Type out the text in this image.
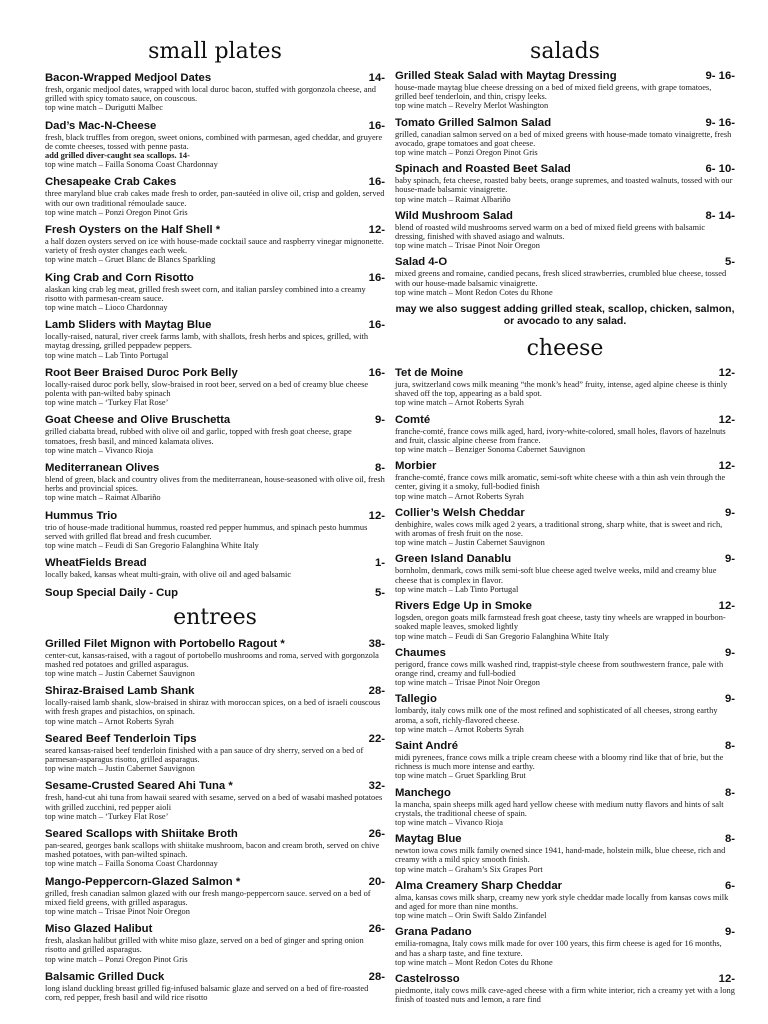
small plates
Bacon-Wrapped Medjool Dates	14-
fresh, organic medjool dates, wrapped with local duroc bacon, stuffed with gorgonzola cheese, and grilled with spicy tomato sauce, on couscous.
top wine match – Durigutti Malbec
Dad’s Mac-N-Cheese	16-
fresh, black truffles from oregon, sweet onions, combined with parmesan, aged cheddar, and gruyere de comte cheeses, tossed with penne pasta.
add grilled diver-caught sea scallops. 14-
top wine match – Failla Sonoma Coast Chardonnay
Chesapeake Crab Cakes	16-
three maryland blue crab cakes made fresh to order, pan-sautéed in olive oil, crisp and golden, served with our own traditional rémoulade sauce.
top wine match – Ponzi Oregon Pinot Gris
Fresh Oysters on the Half Shell *	12-
a half dozen oysters served on ice with house-made cocktail sauce and raspberry vinegar mignonette. variety of fresh oyster changes each week.
top wine match – Gruet Blanc de Blancs Sparkling
King Crab and Corn Risotto	16-
alaskan king crab leg meat, grilled fresh sweet corn, and italian parsley combined into a creamy risotto with parmesan-cream sauce.
top wine match – Lioco Chardonnay
Lamb Sliders with Maytag Blue	16-
locally-raised, natural, river creek farms lamb, with shallots, fresh herbs and spices, grilled, with maytag dressing, grilled peppadew peppers.
top wine match – Lab Tinto Portugal
Root Beer Braised Duroc Pork Belly	16-
locally-raised duroc pork belly, slow-braised in root beer, served on a bed of creamy blue cheese polenta with pan-wilted baby spinach
top wine match – ‘Turkey Flat Rose’
Goat Cheese and Olive Bruschetta	9-
grilled ciabatta bread, rubbed with olive oil and garlic, topped with fresh goat cheese, grape tomatoes, fresh basil, and minced kalamata olives.
top wine match – Vivanco Rioja
Mediterranean Olives	8-
blend of green, black and country olives from the mediterranean, house-seasoned with olive oil, fresh herbs and provincial spices.
top wine match – Raimat Albariño
Hummus Trio	12-
trio of house-made traditional hummus, roasted red pepper hummus, and spinach pesto hummus served with grilled flat bread and fresh cucumber.
top wine match – Feudi di San Gregorio Falanghina White Italy
WheatFields Bread	1-
locally baked, kansas wheat multi-grain, with olive oil and aged balsamic
Soup Special Daily - Cup	5-
entrees
Grilled Filet Mignon with Portobello Ragout *	38-
center-cut, kansas-raised, with a ragout of portobello mushrooms and roma, served with gorgonzola mashed red potatoes and grilled asparagus.
top wine match – Justin Cabernet Sauvignon
Shiraz-Braised Lamb Shank	28-
locally-raised lamb shank, slow-braised in shiraz with moroccan spices, on a bed of israeli couscous with fresh grapes and pistachios, on spinach.
top wine match – Arnot Roberts Syrah
Seared Beef Tenderloin Tips	22-
seared kansas-raised beef tenderloin finished with a pan sauce of dry sherry, served on a bed of parmesan-asparagus risotto, grilled asparagus.
top wine match – Justin Cabernet Sauvignon
Sesame-Crusted Seared Ahi Tuna *	32-
fresh, hand-cut ahi tuna from hawaii seared with sesame, served on a bed of wasabi mashed potatoes with grilled zucchini, red pepper aioli
top wine match – ‘Turkey Flat Rose’
Seared Scallops with Shiitake Broth	26-
pan-seared, georges bank scallops with shiitake mushroom, bacon and cream broth, served on chive mashed potatoes, with pan-wilted spinach.
top wine match – Failla Sonoma Coast Chardonnay
Mango-Peppercorn-Glazed Salmon *	20-
grilled, fresh canadian salmon glazed with our fresh mango-peppercorn sauce. served on a bed of mixed field greens, with grilled asparagus.
top wine match – Trisae Pinot Noir Oregon
Miso Glazed Halibut	26-
fresh, alaskan halibut grilled with white miso glaze, served on a bed of ginger and spring onion risotto and grilled asparagus.
top wine match – Ponzi Oregon Pinot Gris
Balsamic Grilled Duck	28-
long island duckling breast grilled fig-infused balsamic glaze and served on a bed of fire-roasted corn, red pepper, fresh basil and wild rice risotto
salads
Grilled Steak Salad with Maytag Dressing	9- 16-
house-made maytag blue cheese dressing on a bed of mixed field greens, with grape tomatoes, grilled beef tenderloin, and thin, crispy leeks.
top wine match – Revelry Merlot Washington
Tomato Grilled Salmon Salad	9- 16-
grilled, canadian salmon served on a bed of mixed greens with house-made tomato vinaigrette, fresh avocado, grape tomatoes and goat cheese.
top wine match – Ponzi Oregon Pinot Gris
Spinach and Roasted Beet Salad	6- 10-
baby spinach, feta cheese, roasted baby beets, orange supremes, and toasted walnuts, tossed with our house-made balsamic vinaigrette.
top wine match – Raimat Albariño
Wild Mushroom Salad	8- 14-
blend of roasted wild mushrooms served warm on a bed of mixed field greens with balsamic dressing, finished with shaved asiago and walnuts.
top wine match – Trisae Pinot Noir Oregon
Salad 4-O	5-
mixed greens and romaine, candied pecans, fresh sliced strawberries, crumbled blue cheese, tossed with our house-made balsamic vinaigrette.
top wine match – Mont Redon Cotes du Rhone

may we also suggest adding grilled steak, scallop, chicken, salmon, or avocado to any salad.

cheese
Tet de Moine	12-
jura, switzerland cows milk meaning “the monk’s head” fruity, intense, aged alpine cheese is thinly shaved off the top, appearing as a bald spot.
top wine match – Arnot Roberts Syrah
Comté	12-
franche-comté, france cows milk aged, hard, ivory-white-colored, small holes, flavors of hazelnuts and fruit, classic alpine cheese from france.
top wine match – Benziger Sonoma Cabernet Sauvignon
Morbier	12-
franche-comté, france cows milk aromatic, semi-soft white cheese with a thin ash vein through the center, giving it a smoky, full-bodied finish
top wine match – Arnot Roberts Syrah
Collier’s Welsh Cheddar	9-
denbighire, wales cows milk aged 2 years, a traditional strong, sharp white, that is sweet and rich, with aromas of fresh fruit on the nose.
top wine match – Justin Cabernet Sauvignon
Green Island Danablu	9-
bornholm, denmark, cows milk semi-soft blue cheese aged twelve weeks, mild and creamy blue cheese that is complex in flavor.
top wine match – Lab Tinto Portugal
Rivers Edge Up in Smoke	12-
logsden, oregon goats milk farmstead fresh goat cheese, tasty tiny wheels are wrapped in bourbon-soaked maple leaves, smoked lightly
top wine match – Feudi di San Gregorio Falanghina White Italy
Chaumes	9-
perigord, france cows milk washed rind, trappist-style cheese from southwestern france, pale with orange rind, creamy and full-bodied
top wine match – Trisae Pinot Noir Oregon
Tallegio	9-
lombardy, italy cows milk one of the most refined and sophisticated of all cheeses, strong earthy aroma, a soft, richly-flavored cheese.
top wine match – Arnot Roberts Syrah
Saint André	8-
midi pyrenees, france cows milk a triple cream cheese with a bloomy rind like that of brie, but the richness is much more intense and earthy.
top wine match – Gruet Sparkling Brut
Manchego	8-
la mancha, spain sheeps milk aged hard yellow cheese with medium nutty flavors and hints of salt crystals, the traditional cheese of spain.
top wine match – Vivanco Rioja
Maytag Blue	8-
newton iowa cows milk family owned since 1941, hand-made, holstein milk, blue cheese, rich and creamy with a mild spicy smooth finish.
top wine match – Graham’s Six Grapes Port
Alma Creamery Sharp Cheddar	6-
alma, kansas cows milk sharp, creamy new york style cheddar made locally from kansas cows milk and aged for more than nine months.
top wine match – Orin Swift Saldo Zinfandel
Grana Padano	9-
emilia-romagna, Italy cows milk made for over 100 years, this firm cheese is aged for 16 months, and has a sharp taste, and fine texture.
top wine match – Mont Redon Cotes du Rhone
Castelrosso	12-
piedmonte, italy cows milk cave-aged cheese with a firm white interior, rich a creamy yet with a long finish of toasted nuts and lemon, a rare find
